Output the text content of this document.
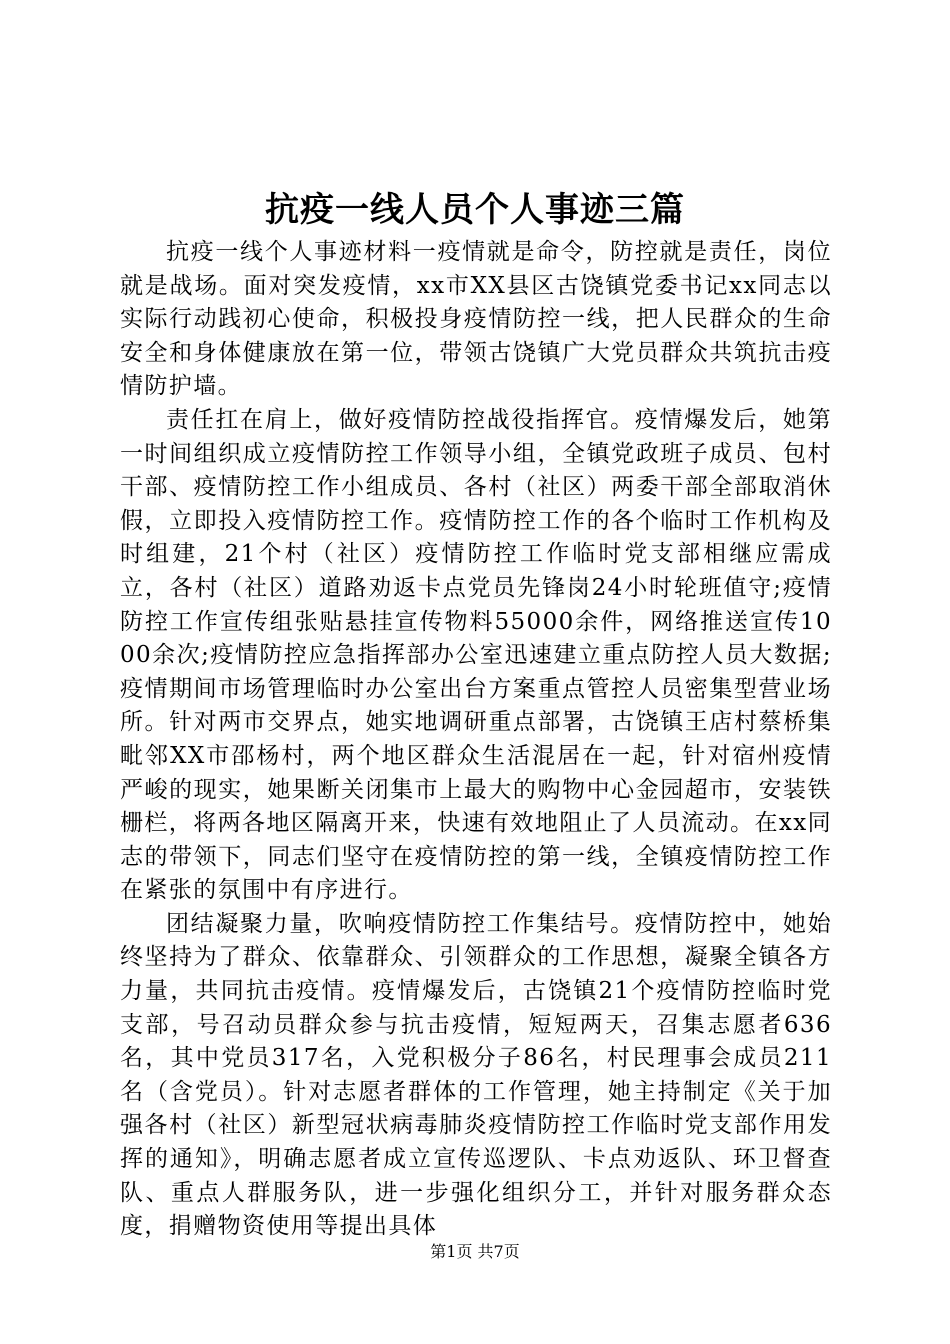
抗疫一线人员个人事迹三篇

抗疫一线个人事迹材料一疫情就是命令，防控就是责任，岗位就是战场。面对突发疫情，xx市XX县区古饶镇党委书记xx同志以实际行动践初心使命，积极投身疫情防控一线，把人民群众的生命安全和身体健康放在第一位，带领古饶镇广大党员群众共筑抗击疫情防护墙。

责任扛在肩上，做好疫情防控战役指挥官。疫情爆发后，她第一时间组织成立疫情防控工作领导小组，全镇党政班子成员、包村干部、疫情防控工作小组成员、各村（社区）两委干部全部取消休假，立即投入疫情防控工作。疫情防控工作的各个临时工作机构及时组建，21个村（社区）疫情防控工作临时党支部相继应需成立，各村（社区）道路劝返卡点党员先锋岗24小时轮班值守;疫情防控工作宣传组张贴悬挂宣传物料55000余件，网络推送宣传1000余次;疫情防控应急指挥部办公室迅速建立重点防控人员大数据;疫情期间市场管理临时办公室出台方案重点管控人员密集型营业场所。针对两市交界点，她实地调研重点部署，古饶镇王店村蔡桥集毗邻XX市邵杨村，两个地区群众生活混居在一起，针对宿州疫情严峻的现实，她果断关闭集市上最大的购物中心金园超市，安装铁栅栏，将两各地区隔离开来，快速有效地阻止了人员流动。在xx同志的带领下，同志们坚守在疫情防控的第一线，全镇疫情防控工作在紧张的氛围中有序进行。

团结凝聚力量，吹响疫情防控工作集结号。疫情防控中，她始终坚持为了群众、依靠群众、引领群众的工作思想，凝聚全镇各方力量，共同抗击疫情。疫情爆发后，古饶镇21个疫情防控临时党支部，号召动员群众参与抗击疫情，短短两天，召集志愿者636名，其中党员317名，入党积极分子86名，村民理事会成员211名（含党员）。针对志愿者群体的工作管理，她主持制定《关于加强各村（社区）新型冠状病毒肺炎疫情防控工作临时党支部作用发挥的通知》，明确志愿者成立宣传巡逻队、卡点劝返队、环卫督查队、重点人群服务队，进一步强化组织分工，并针对服务群众态度，捐赠物资使用等提出具体

第1页 共7页
